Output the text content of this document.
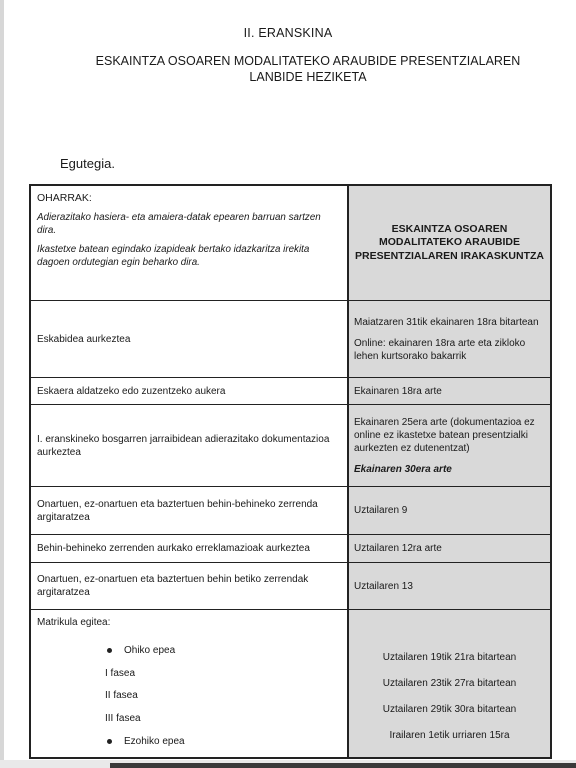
II. ERANSKINA
ESKAINTZA OSOAREN MODALITATEKO ARAUBIDE PRESENTZIALAREN
LANBIDE HEZIKETA
Egutegia.
OHARRAK:
Adierazitako hasiera- eta amaiera-datak epearen barruan sartzen dira.
Ikastetxe batean egindako izapideak bertako idazkaritza irekita dagoen ordutegian egin beharko dira.
ESKAINTZA OSOAREN
MODALITATEKO ARAUBIDE
PRESENTZIALAREN IRAKASKUNTZA
Eskabidea aurkeztea

Maiatzaren 31tik ekainaren 18ra bitartean

Online: ekainaren 18ra arte eta zikloko lehen kurtsorako bakarrik

Eskaera aldatzeko edo zuzentzeko aukera	Ekainaren 18ra arte

I. eranskineko bosgarren jarraibidean adierazitako dokumentazioa aurkeztea

Ekainaren 25era arte (dokumentazioa ez online ez ikastetxe batean presentzialki aurkezten ez dutenentzat)

Ekainaren 30era arte

Onartuen, ez-onartuen eta baztertuen behin-behineko zerrenda argitaratzea

Uztailaren 9

Behin-behineko zerrenden aurkako erreklamazioak aurkeztea	Uztailaren 12ra arte

Onartuen, ez-onartuen eta baztertuen behin betiko zerrendak argitaratzea

Uztailaren 13

Matrikula egitea:
Ohiko epea
I fasea
II fasea
III fasea
Ezohiko epea
Uztailaren 19tik 21ra bitartean
Uztailaren 23tik 27ra bitartean
Uztailaren 29tik 30ra bitartean
Irailaren 1etik urriaren 15ra
